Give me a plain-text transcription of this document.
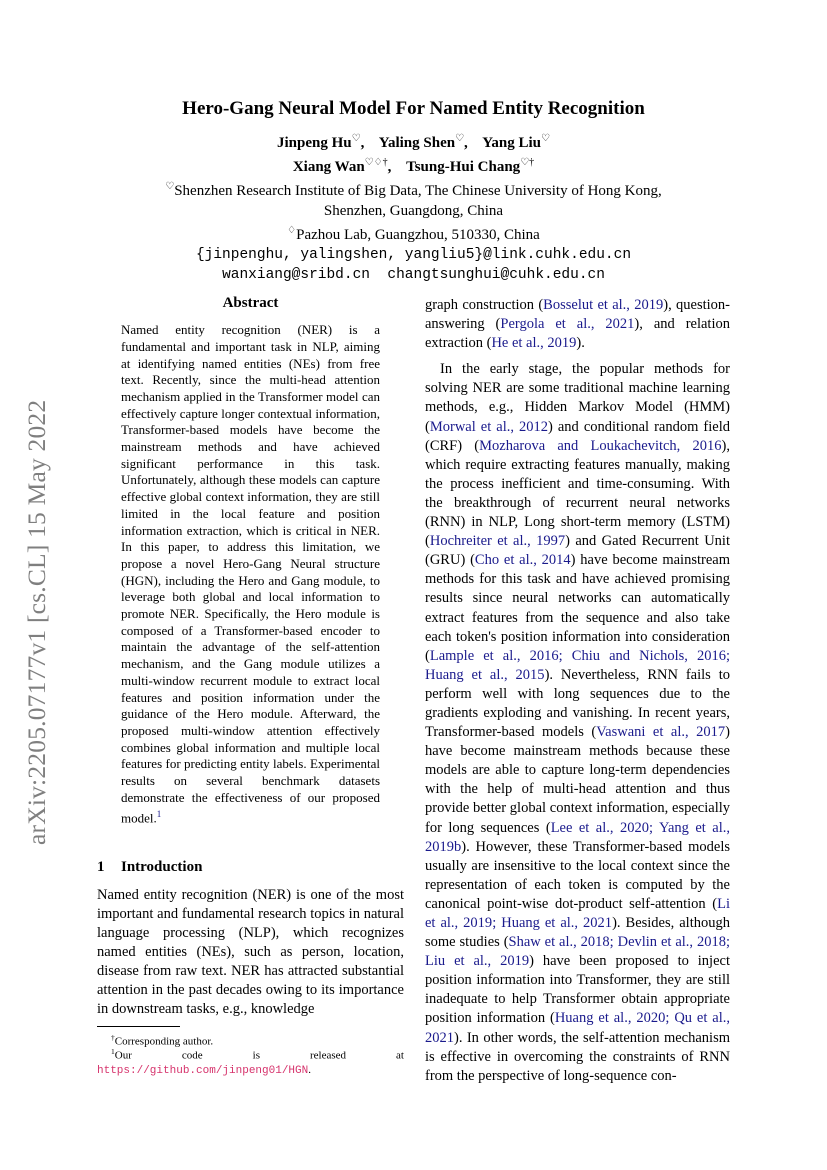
arXiv:2205.07177v1 [cs.CL] 15 May 2022
Hero-Gang Neural Model For Named Entity Recognition
Jinpeng Hu♡, Yaling Shen♡, Yang Liu♡
Xiang Wan♡♢†, Tsung-Hui Chang♡†
♡Shenzhen Research Institute of Big Data, The Chinese University of Hong Kong,
Shenzhen, Guangdong, China
♢Pazhou Lab, Guangzhou, 510330, China
{jinpenghu, yalingshen, yangliu5}@link.cuhk.edu.cn
wanxiang@sribd.cn  changtsunghui@cuhk.edu.cn
Abstract

Named entity recognition (NER) is a fundamental and important task in NLP, aiming at identifying named entities (NEs) from free text. Recently, since the multi-head attention mechanism applied in the Transformer model can effectively capture longer contextual information, Transformer-based models have become the mainstream methods and have achieved significant performance in this task. Unfortunately, although these models can capture effective global context information, they are still limited in the local feature and position information extraction, which is critical in NER. In this paper, to address this limitation, we propose a novel Hero-Gang Neural structure (HGN), including the Hero and Gang module, to leverage both global and local information to promote NER. Specifically, the Hero module is composed of a Transformer-based encoder to maintain the advantage of the self-attention mechanism, and the Gang module utilizes a multi-window recurrent module to extract local features and position information under the guidance of the Hero module. Afterward, the proposed multi-window attention effectively combines global information and multiple local features for predicting entity labels. Experimental results on several benchmark datasets demonstrate the effectiveness of our proposed model.$^1$

1 Introduction

Named entity recognition (NER) is one of the most important and fundamental research topics in natural language processing (NLP), which recognizes named entities (NEs), such as person, location, disease from raw text. NER has attracted substantial attention in the past decades owing to its importance in downstream tasks, e.g., knowledge

†Corresponding author.
$^1$Our code is released at https://github.com/jinpeng01/HGN.

graph construction (Bosselut et al., 2019), question-answering (Pergola et al., 2021), and relation extraction (He et al., 2019).

In the early stage, the popular methods for solving NER are some traditional machine learning methods, e.g., Hidden Markov Model (HMM) (Morwal et al., 2012) and conditional random field (CRF) (Mozharova and Loukachevitch, 2016), which require extracting features manually, making the process inefficient and time-consuming. With the breakthrough of recurrent neural networks (RNN) in NLP, Long short-term memory (LSTM) (Hochreiter et al., 1997) and Gated Recurrent Unit (GRU) (Cho et al., 2014) have become mainstream methods for this task and have achieved promising results since neural networks can automatically extract features from the sequence and also take each token's position information into consideration (Lample et al., 2016; Chiu and Nichols, 2016; Huang et al., 2015). Nevertheless, RNN fails to perform well with long sequences due to the gradients exploding and vanishing. In recent years, Transformer-based models (Vaswani et al., 2017) have become mainstream methods because these models are able to capture long-term dependencies with the help of multi-head attention and thus provide better global context information, especially for long sequences (Lee et al., 2020; Yang et al., 2019b). However, these Transformer-based models usually are insensitive to the local context since the representation of each token is computed by the canonical point-wise dot-product self-attention (Li et al., 2019; Huang et al., 2021). Besides, although some studies (Shaw et al., 2018; Devlin et al., 2018; Liu et al., 2019) have been proposed to inject position information into Transformer, they are still inadequate to help Transformer obtain appropriate position information (Huang et al., 2020; Qu et al., 2021). In other words, the self-attention mechanism is effective in overcoming the constraints of RNN from the perspective of long-sequence con-
